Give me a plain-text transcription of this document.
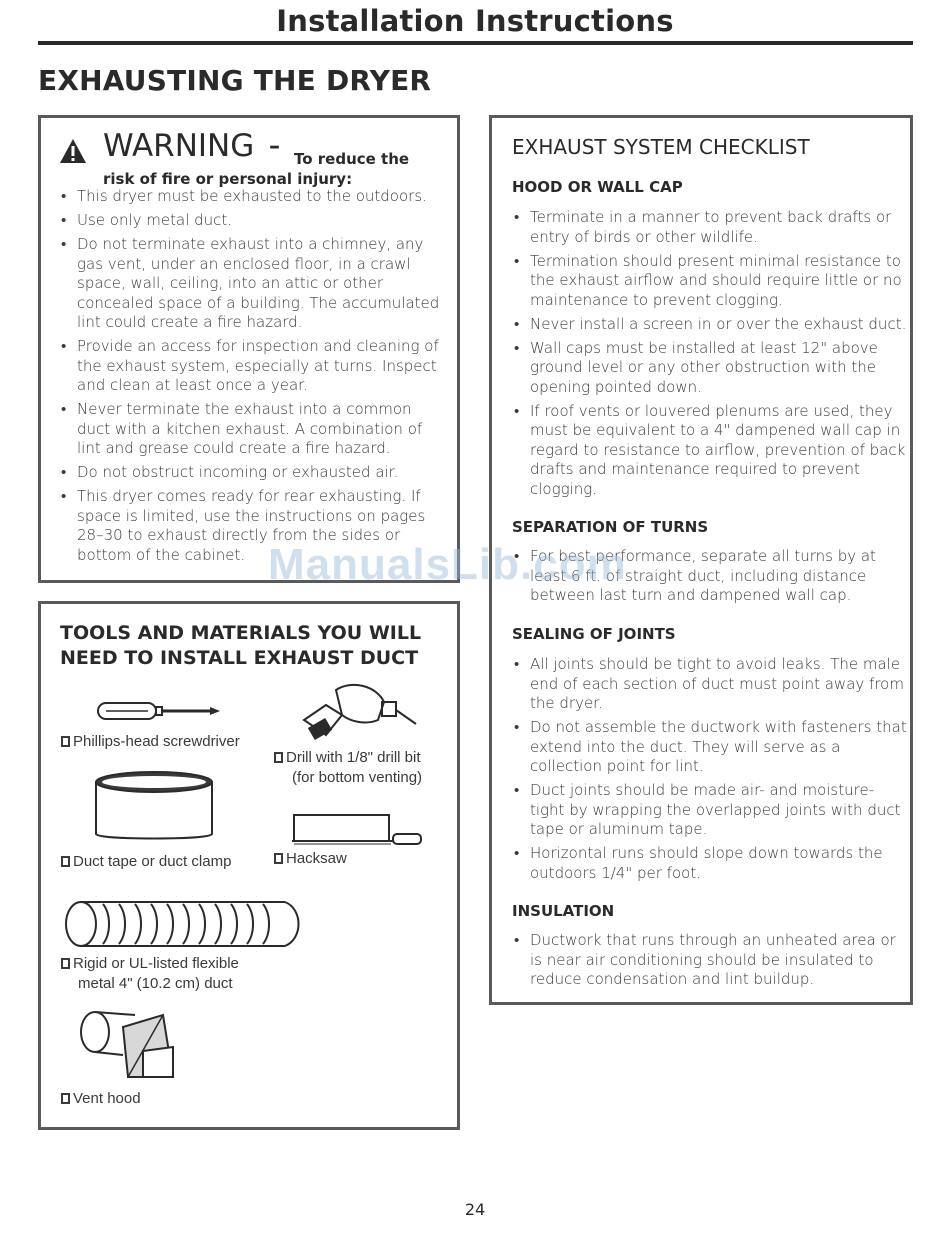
Installation Instructions
EXHAUSTING THE DRYER
WARNING – To reduce the
risk of fire or personal injury:
• This dryer must be exhausted to the outdoors.
• Use only metal duct.
• Do not terminate exhaust into a chimney, any gas vent, under an enclosed floor, in a crawl space, wall, ceiling, into an attic or other concealed space of a building. The accumulated lint could create a fire hazard.
• Provide an access for inspection and cleaning of the exhaust system, especially at turns. Inspect and clean at least once a year.
• Never terminate the exhaust into a common duct with a kitchen exhaust. A combination of lint and grease could create a fire hazard.
• Do not obstruct incoming or exhausted air.
• This dryer comes ready for rear exhausting. If space is limited, use the instructions on pages 28–30 to exhaust directly from the sides or bottom of the cabinet.
TOOLS AND MATERIALS YOU WILL NEED TO INSTALL EXHAUST DUCT
Phillips-head screwdriver
Drill with 1/8" drill bit
(for bottom venting)
Duct tape or duct clamp	Hacksaw
Rigid or UL-listed flexible
metal 4" (10.2 cm) duct
Vent hood
EXHAUST SYSTEM CHECKLIST
HOOD OR WALL CAP
• Terminate in a manner to prevent back drafts or entry of birds or other wildlife.
• Termination should present minimal resistance to the exhaust airflow and should require little or no maintenance to prevent clogging.
• Never install a screen in or over the exhaust duct.
• Wall caps must be installed at least 12" above ground level or any other obstruction with the opening pointed down.
• If roof vents or louvered plenums are used, they must be equivalent to a 4" dampened wall cap in regard to resistance to airflow, prevention of back drafts and maintenance required to prevent clogging.
SEPARATION OF TURNS
• For best performance, separate all turns by at least 6 ft. of straight duct, including distance between last turn and dampened wall cap.
SEALING OF JOINTS
• All joints should be tight to avoid leaks. The male end of each section of duct must point away from the dryer.
• Do not assemble the ductwork with fasteners that extend into the duct. They will serve as a collection point for lint.
• Duct joints should be made air- and moisture-tight by wrapping the overlapped joints with duct tape or aluminum tape.
• Horizontal runs should slope down towards the outdoors 1/4" per foot.
INSULATION
• Ductwork that runs through an unheated area or is near air conditioning should be insulated to reduce condensation and lint buildup.
ManualsLib.com
24
